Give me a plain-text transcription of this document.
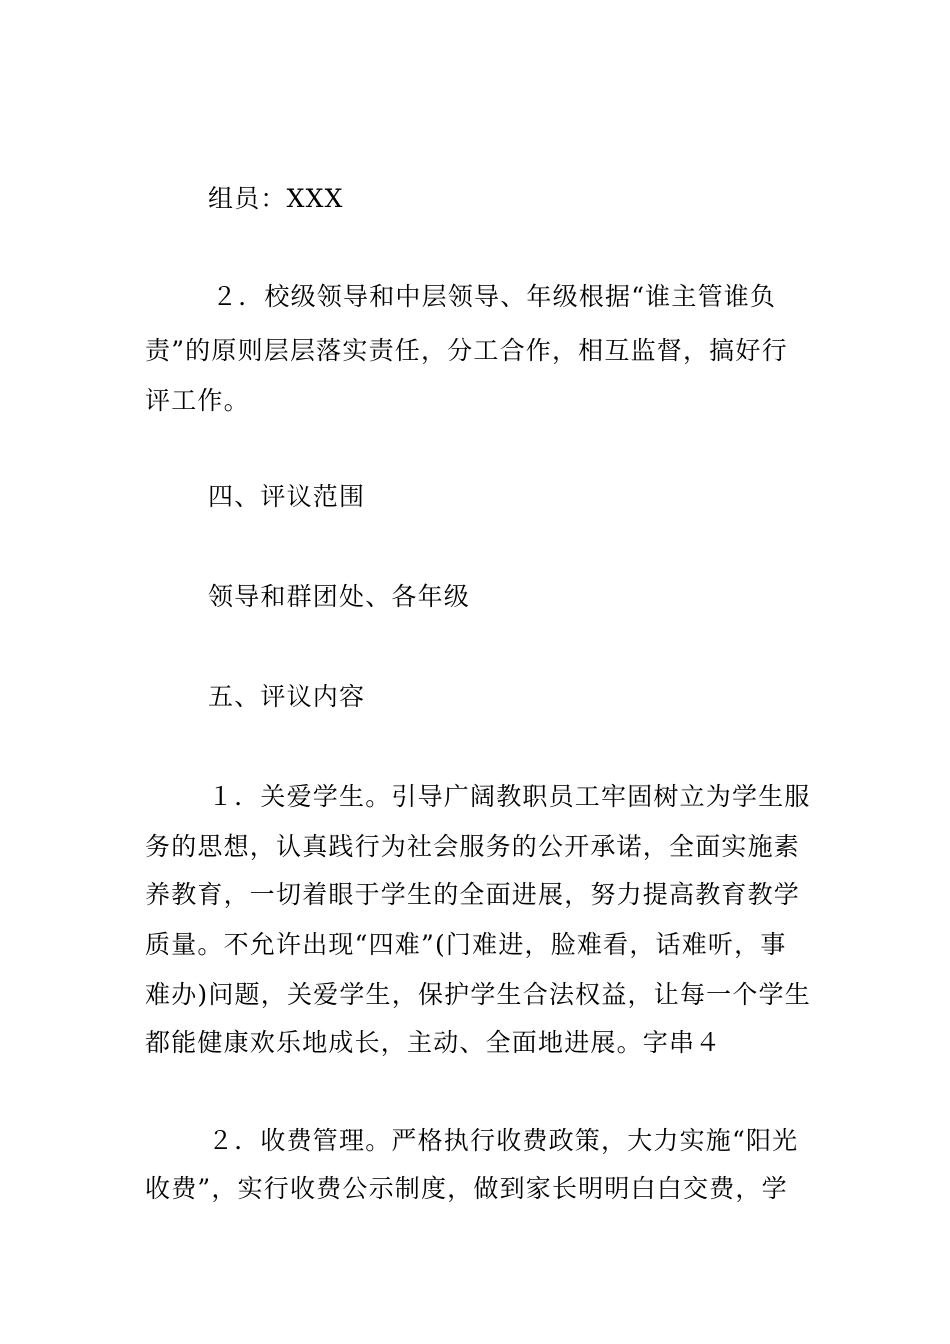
组员：XXX
２．校级领导和中层领导、年级根据“谁主管谁负
责”的原则层层落实责任，分工合作，相互监督，搞好行
评工作。
四、评议范围
领导和群团处、各年级
五、评议内容
１．关爱学生。引导广阔教职员工牢固树立为学生服
务的思想，认真践行为社会服务的公开承诺，全面实施素
养教育，一切着眼于学生的全面进展，努力提高教育教学
质量。不允许出现“四难”(门难进，脸难看，话难听，事
难办)问题，关爱学生，保护学生合法权益，让每一个学生
都能健康欢乐地成长，主动、全面地进展。字串４
２．收费管理。严格执行收费政策，大力实施“阳光
收费”，实行收费公示制度，做到家长明明白白交费，学
